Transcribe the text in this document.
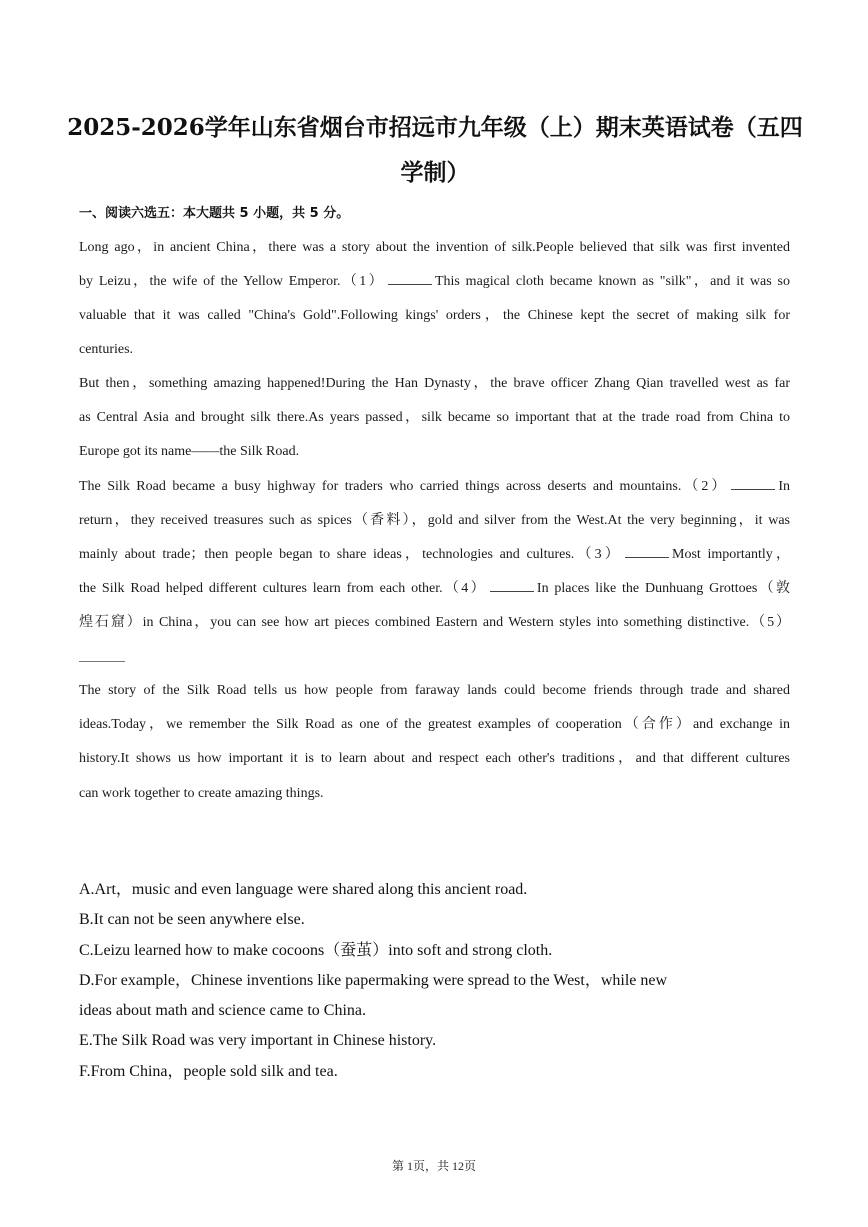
2025-2026学年山东省烟台市招远市九年级（上）期末英语试卷（五四
学制）
一、阅读六选五：本大题共 5 小题，共 5 分。
Long ago，in ancient China，there was a story about the invention of silk.People believed that silk was first invented
by Leizu，the wife of the Yellow Emperor.（1）	This magical cloth became known as "silk"，and it was so
valuable that it was called "China's Gold".Following kings' orders，the Chinese kept the secret of making silk for
centuries.
But then，something amazing happened!During the Han Dynasty，the brave officer Zhang Qian travelled west as far
as Central Asia and brought silk there.As years passed，silk became so important that at the trade road from China to
Europe got its name——the Silk Road.
The Silk Road became a busy highway for traders who carried things across deserts and mountains.（2）	In
return，they received treasures such as spices（香料），gold and silver from the West.At the very beginning，it was
mainly about trade；then people began to share ideas，technologies and cultures.（3）	Most importantly，
the Silk Road helped different cultures learn from each other.（4）	In places like the Dunhuang Grottoes（敦
煌石窟）in China，you can see how art pieces combined Eastern and Western styles into something distinctive.（5）
The story of the Silk Road tells us how people from faraway lands could become friends through trade and shared
ideas.Today，we remember the Silk Road as one of the greatest examples of cooperation（合作）and exchange in
history.It shows us how important it is to learn about and respect each other's traditions，and that different cultures
can work together to create amazing things.
A.Art，music and even language were shared along this ancient road.
B.It can not be seen anywhere else.
C.Leizu learned how to make cocoons（蚕茧）into soft and strong cloth.
D.For example，Chinese inventions like papermaking were spread to the West，while new
ideas about math and science came to China.
E.The Silk Road was very important in Chinese history.
F.From China，people sold silk and tea.
第 1页，共 12页
